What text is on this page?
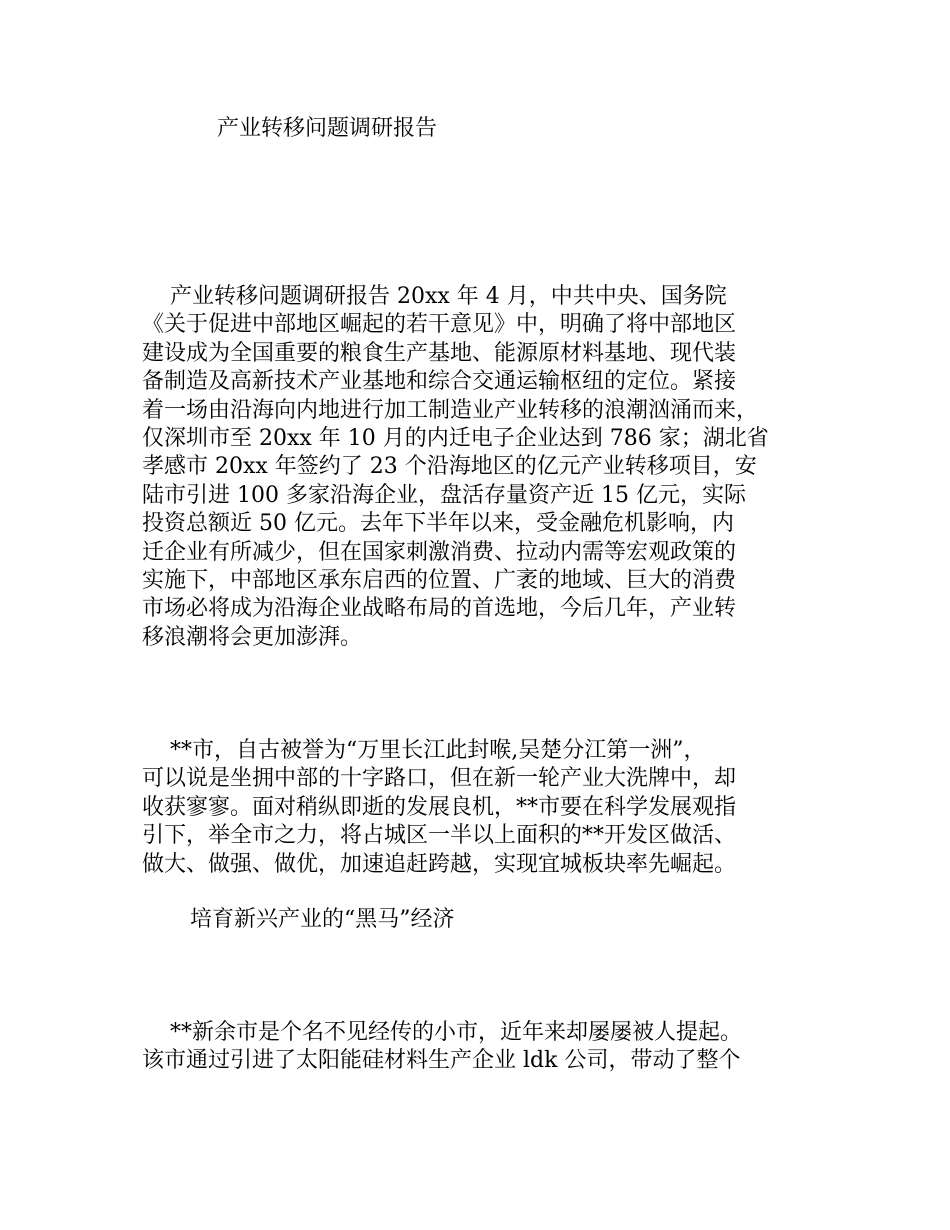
产业转移问题调研报告
产业转移问题调研报告 20xx 年 4 月，中共中央、国务院
《关于促进中部地区崛起的若干意见》中，明确了将中部地区
建设成为全国重要的粮食生产基地、能源原材料基地、现代装
备制造及高新技术产业基地和综合交通运输枢纽的定位。紧接
着一场由沿海向内地进行加工制造业产业转移的浪潮汹涌而来，
仅深圳市至 20xx 年 10 月的内迁电子企业达到 786 家；湖北省
孝感市 20xx 年签约了 23 个沿海地区的亿元产业转移项目，安
陆市引进 100 多家沿海企业，盘活存量资产近 15 亿元，实际
投资总额近 50 亿元。去年下半年以来，受金融危机影响，内
迁企业有所减少，但在国家刺激消费、拉动内需等宏观政策的
实施下，中部地区承东启西的位置、广袤的地域、巨大的消费
市场必将成为沿海企业战略布局的首选地，今后几年，产业转
移浪潮将会更加澎湃。
**市，自古被誉为“万里长江此封喉,吴楚分江第一洲”，
可以说是坐拥中部的十字路口，但在新一轮产业大洗牌中，却
收获寥寥。面对稍纵即逝的发展良机，**市要在科学发展观指
引下，举全市之力，将占城区一半以上面积的**开发区做活、
做大、做强、做优，加速追赶跨越，实现宜城板块率先崛起。
培育新兴产业的“黑马”经济
**新余市是个名不见经传的小市，近年来却屡屡被人提起。
该市通过引进了太阳能硅材料生产企业 ldk 公司，带动了整个
